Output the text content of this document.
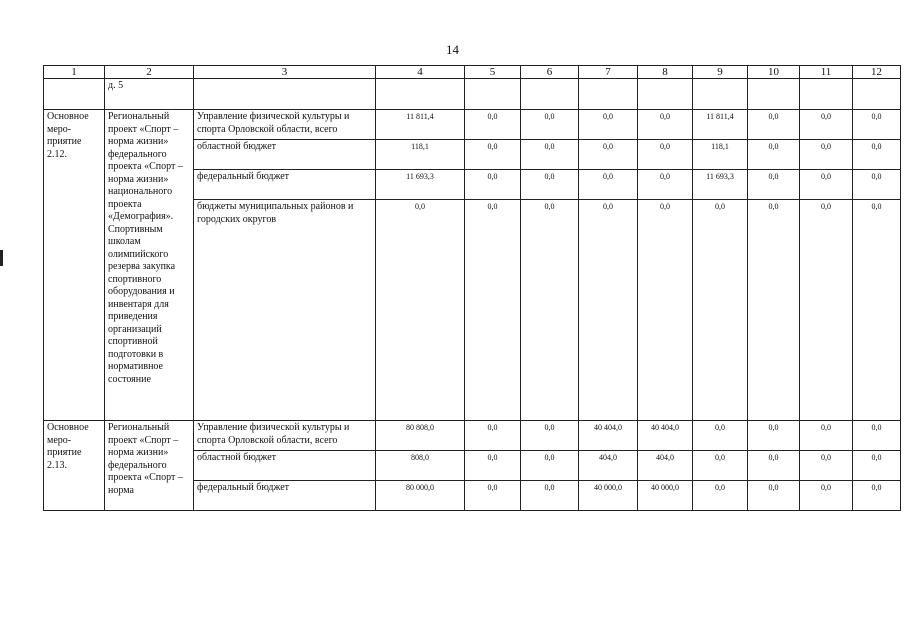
14
1	2	3	4	5	6	7	8	9	10	11	12
	д. 5										
Основное меро-приятие 2.12.	Региональный проект «Спорт – норма жизни» федерального проекта «Спорт – норма жизни» национального проекта «Демография». Спортивным школам олимпийского резерва закупка спортивного оборудования и инвентаря для приведения организаций спортивной подготовки в нормативное состояние	Управление физической культуры и спорта Орловской области, всего	11 811,4	0,0	0,0	0,0	0,0	11 811,4	0,0	0,0	0,0
		областной бюджет	118,1	0,0	0,0	0,0	0,0	118,1	0,0	0,0	0,0
		федеральный бюджет	11 693,3	0,0	0,0	0,0	0,0	11 693,3	0,0	0,0	0,0
		бюджеты муниципальных районов и городских округов	0,0	0,0	0,0	0,0	0,0	0,0	0,0	0,0	0,0
Основное меро-приятие 2.13.	Региональный проект «Спорт – норма жизни» федерального проекта «Спорт – норма	Управление физической культуры и спорта Орловской области, всего	80 808,0	0,0	0,0	40 404,0	40 404,0	0,0	0,0	0,0	0,0
		областной бюджет	808,0	0,0	0,0	404,0	404,0	0,0	0,0	0,0	0,0
		федеральный бюджет	80 000,0	0,0	0,0	40 000,0	40 000,0	0,0	0,0	0,0	0,0
